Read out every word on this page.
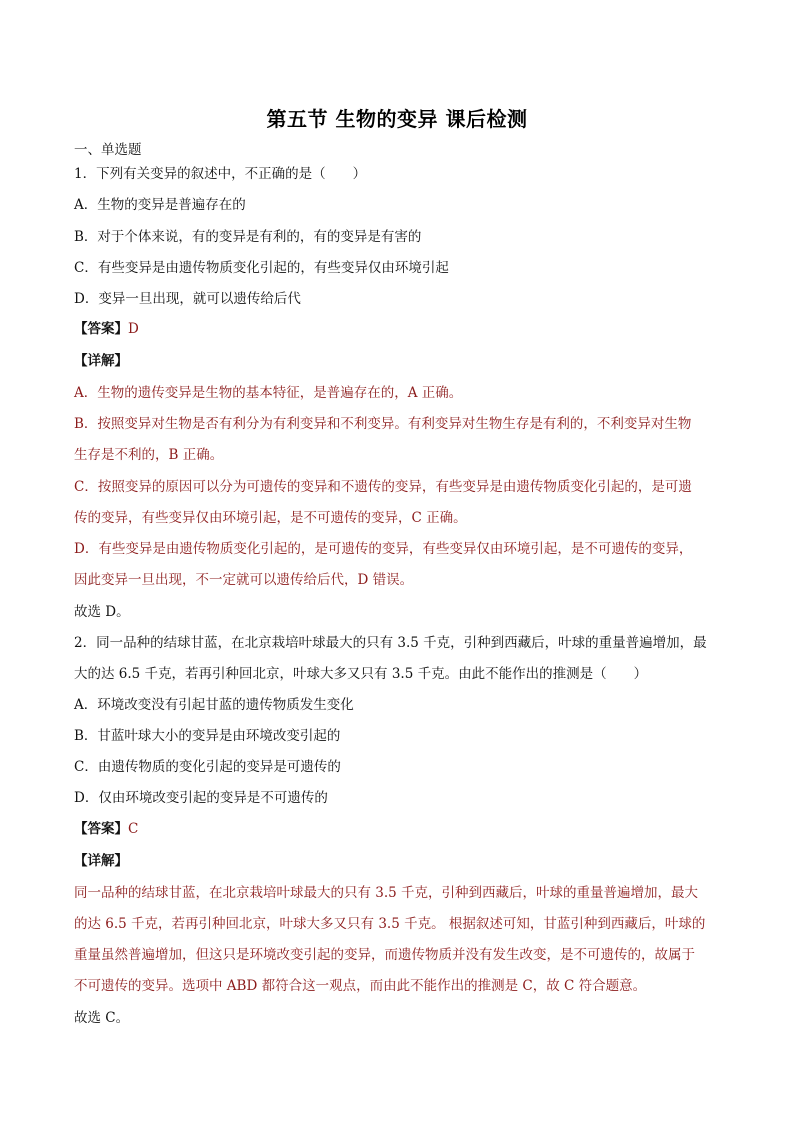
第五节 生物的变异 课后检测
一、单选题
1．下列有关变异的叙述中，不正确的是（　　）
A．生物的变异是普遍存在的
B．对于个体来说，有的变异是有利的，有的变异是有害的
C．有些变异是由遗传物质变化引起的，有些变异仅由环境引起
D．变异一旦出现，就可以遗传给后代
【答案】D
【详解】
A．生物的遗传变异是生物的基本特征，是普遍存在的，A 正确。
B．按照变异对生物是否有利分为有利变异和不利变异。有利变异对生物生存是有利的，不利变异对生物
生存是不利的，B 正确。
C．按照变异的原因可以分为可遗传的变异和不遗传的变异，有些变异是由遗传物质变化引起的，是可遗
传的变异，有些变异仅由环境引起，是不可遗传的变异，C 正确。
D．有些变异是由遗传物质变化引起的，是可遗传的变异，有些变异仅由环境引起，是不可遗传的变异，
因此变异一旦出现，不一定就可以遗传给后代，D 错误。
故选 D。
2．同一品种的结球甘蓝，在北京栽培叶球最大的只有 3.5 千克，引种到西藏后，叶球的重量普遍增加，最
大的达 6.5 千克，若再引种回北京，叶球大多又只有 3.5 千克。由此不能作出的推测是（　　）
A．环境改变没有引起甘蓝的遗传物质发生变化
B．甘蓝叶球大小的变异是由环境改变引起的
C．由遗传物质的变化引起的变异是可遗传的
D．仅由环境改变引起的变异是不可遗传的
【答案】C
【详解】
同一品种的结球甘蓝，在北京栽培叶球最大的只有 3.5 千克，引种到西藏后，叶球的重量普遍增加，最大
的达 6.5 千克，若再引种回北京，叶球大多又只有 3.5 千克。 根据叙述可知，甘蓝引种到西藏后，叶球的
重量虽然普遍增加，但这只是环境改变引起的变异，而遗传物质并没有发生改变，是不可遗传的，故属于
不可遗传的变异。选项中 ABD 都符合这一观点，而由此不能作出的推测是 C，故 C 符合题意。
故选 C。
